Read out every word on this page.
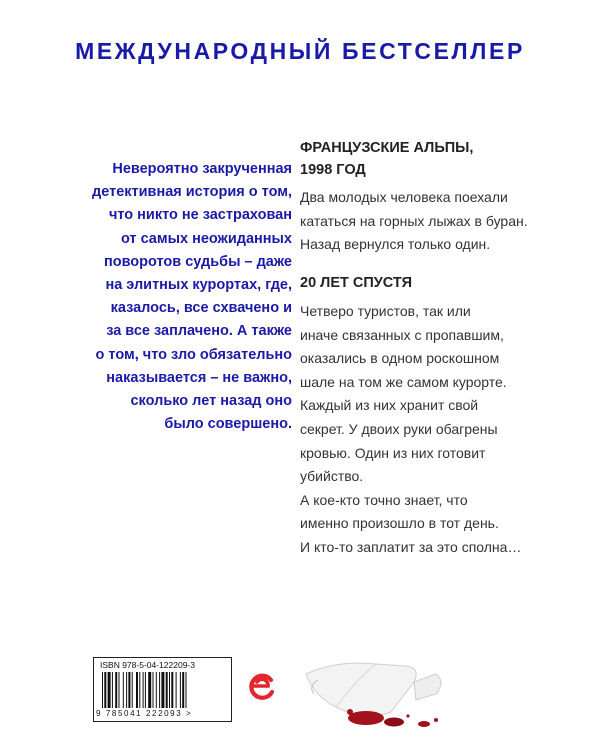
МЕЖДУНАРОДНЫЙ БЕСТСЕЛЛЕР
Невероятно закрученная
детективная история о том,
что никто не застрахован
от самых неожиданных
поворотов судьбы – даже
на элитных курортах, где,
казалось, все схвачено и
за все заплачено. А также
о том, что зло обязательно
наказывается – не важно,
сколько лет назад оно
было совершено.
ФРАНЦУЗСКИЕ АЛЬПЫ,
1998 ГОД
Два молодых человека поехали
кататься на горных лыжах в буран.
Назад вернулся только один.
20 ЛЕТ СПУСТЯ
Четверо туристов, так или
иначе связанных с пропавшим,
оказались в одном роскошном
шале на том же самом курорте.
Каждый из них хранит свой
секрет. У двоих руки обагрены
кровью. Один из них готовит
убийство.
А кое-кто точно знает, что
именно произошло в тот день.
И кто-то заплатит за это сполна…
ISBN 978-5-04-122209-3
9 785041 222093 >
